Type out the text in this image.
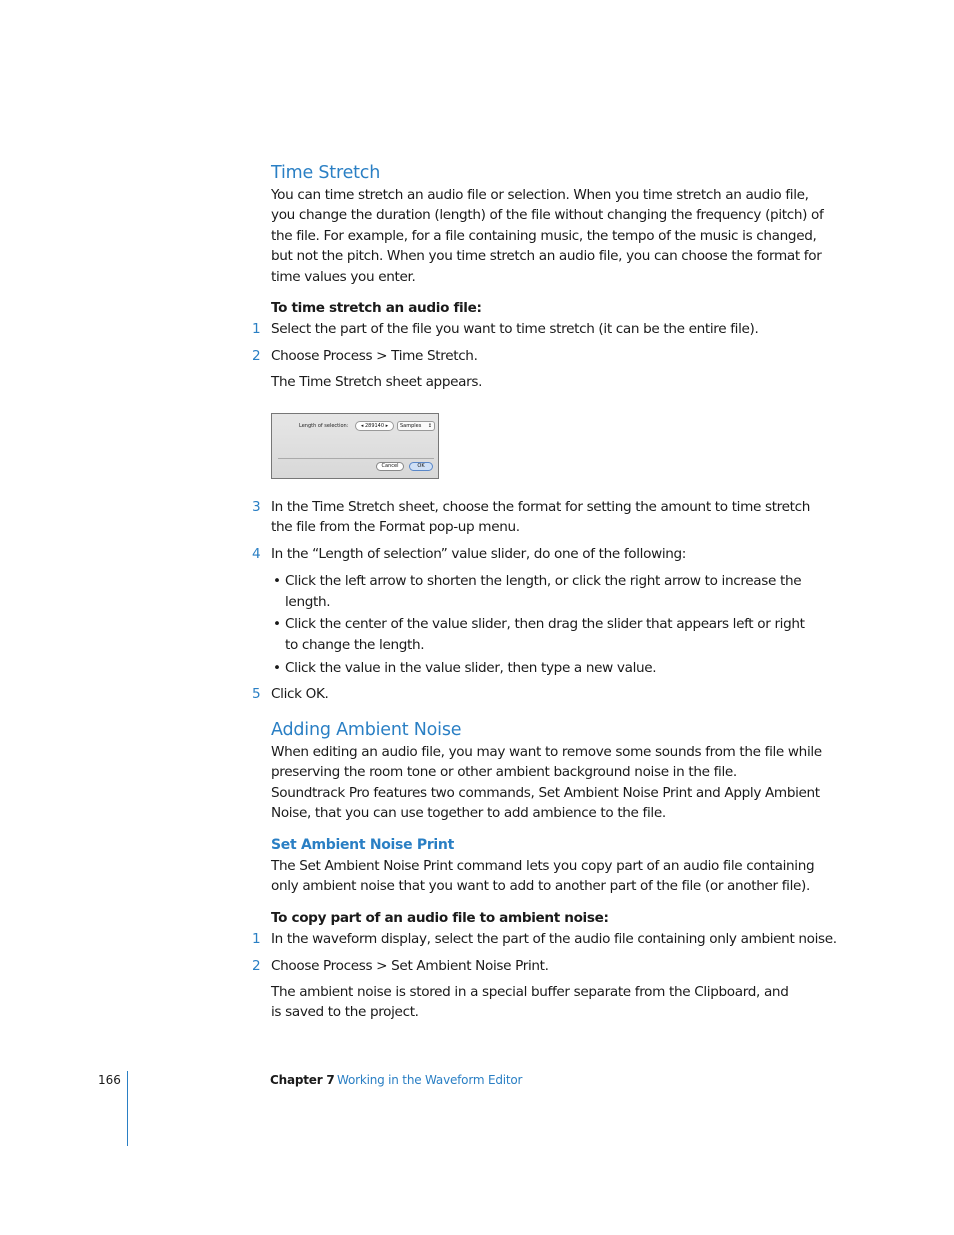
Time Stretch
You can time stretch an audio file or selection. When you time stretch an audio file, you change the duration (length) of the file without changing the frequency (pitch) of the file. For example, for a file containing music, the tempo of the music is changed, but not the pitch. When you time stretch an audio file, you can choose the format for time values you enter.
To time stretch an audio file:
1 Select the part of the file you want to time stretch (it can be the entire file).
2 Choose Process > Time Stretch.
The Time Stretch sheet appears.
Length of selection:	◂ 289140 ▸	Samples ↕
Cancel	OK
3 In the Time Stretch sheet, choose the format for setting the amount to time stretch the file from the Format pop-up menu.
4 In the “Length of selection” value slider, do one of the following:
• Click the left arrow to shorten the length, or click the right arrow to increase the length.
• Click the center of the value slider, then drag the slider that appears left or right to change the length.
• Click the value in the value slider, then type a new value.
5 Click OK.
Adding Ambient Noise
When editing an audio file, you may want to remove some sounds from the file while preserving the room tone or other ambient background noise in the file.
Soundtrack Pro features two commands, Set Ambient Noise Print and Apply Ambient Noise, that you can use together to add ambience to the file.
Set Ambient Noise Print
The Set Ambient Noise Print command lets you copy part of an audio file containing only ambient noise that you want to add to another part of the file (or another file).
To copy part of an audio file to ambient noise:
1 In the waveform display, select the part of the audio file containing only ambient noise.
2 Choose Process > Set Ambient Noise Print.
The ambient noise is stored in a special buffer separate from the Clipboard, and is saved to the project.
166	Chapter 7 Working in the Waveform Editor
